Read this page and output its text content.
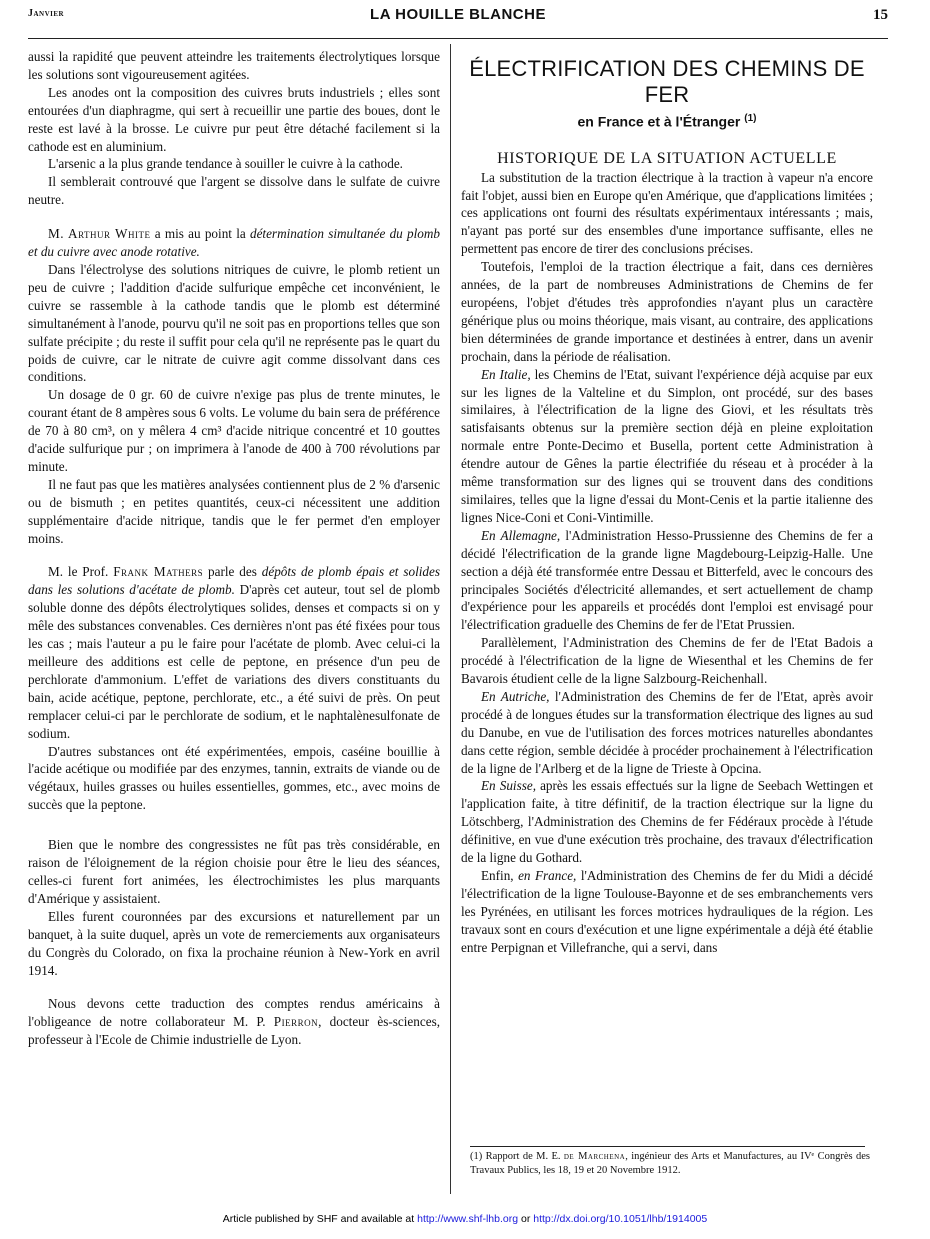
Janvier	LA HOUILLE BLANCHE	15

aussi la rapidité que peuvent atteindre les traitements électrolytiques lorsque les solutions sont vigoureusement agitées.

Les anodes ont la composition des cuivres bruts industriels ; elles sont entourées d'un diaphragme, qui sert à recueillir une partie des boues, dont le reste est lavé à la brosse. Le cuivre pur peut être détaché facilement si la cathode est en aluminium.

L'arsenic a la plus grande tendance à souiller le cuivre à la cathode.

Il semblerait controuvé que l'argent se dissolve dans le sulfate de cuivre neutre.

M. Arthur White a mis au point la détermination simultanée du plomb et du cuivre avec anode rotative.

Dans l'électrolyse des solutions nitriques de cuivre, le plomb retient un peu de cuivre ; l'addition d'acide sulfurique empêche cet inconvénient, le cuivre se rassemble à la cathode tandis que le plomb est déterminé simultanément à l'anode, pourvu qu'il ne soit pas en proportions telles que son sulfate précipite ; du reste il suffit pour cela qu'il ne représente pas le quart du poids de cuivre, car le nitrate de cuivre agit comme dissolvant dans ces conditions.

Un dosage de 0 gr. 60 de cuivre n'exige pas plus de trente minutes, le courant étant de 8 ampères sous 6 volts. Le volume du bain sera de préférence de 70 à 80 cm³, on y mêlera 4 cm³ d'acide nitrique concentré et 10 gouttes d'acide sulfurique pur ; on imprimera à l'anode de 400 à 700 révolutions par minute.

Il ne faut pas que les matières analysées contiennent plus de 2 % d'arsenic ou de bismuth ; en petites quantités, ceux-ci nécessitent une addition supplémentaire d'acide nitrique, tandis que le fer permet d'en employer moins.

M. le Prof. Frank Mathers parle des dépôts de plomb épais et solides dans les solutions d'acétate de plomb. D'après cet auteur, tout sel de plomb soluble donne des dépôts électrolytiques solides, denses et compacts si on y mêle des substances convenables. Ces dernières n'ont pas été fixées pour tous les cas ; mais l'auteur a pu le faire pour l'acétate de plomb. Avec celui-ci la meilleure des additions est celle de peptone, en présence d'un peu de perchlorate d'ammonium. L'effet de variations des divers constituants du bain, acide acétique, peptone, perchlorate, etc., a été suivi de près. On peut remplacer celui-ci par le perchlorate de sodium, et le naphtalènesulfonate de sodium.

D'autres substances ont été expérimentées, empois, caséine bouillie à l'acide acétique ou modifiée par des enzymes, tannin, extraits de viande ou de végétaux, huiles grasses ou huiles essentielles, gommes, etc., avec moins de succès que la peptone.

Bien que le nombre des congressistes ne fût pas très considérable, en raison de l'éloignement de la région choisie pour être le lieu des séances, celles-ci furent fort animées, les électrochimistes les plus marquants d'Amérique y assistaient.

Elles furent couronnées par des excursions et naturellement par un banquet, à la suite duquel, après un vote de remerciements aux organisateurs du Congrès du Colorado, on fixa la prochaine réunion à New-York en avril 1914.

Nous devons cette traduction des comptes rendus américains à l'obligeance de notre collaborateur M. P. Pierron, docteur ès-sciences, professeur à l'Ecole de Chimie industrielle de Lyon.

ÉLECTRIFICATION DES CHEMINS DE FER
en France et à l'Étranger $^{(1)}$
HISTORIQUE DE LA SITUATION ACTUELLE

La substitution de la traction électrique à la traction à vapeur n'a encore fait l'objet, aussi bien en Europe qu'en Amérique, que d'applications limitées ; ces applications ont fourni des résultats expérimentaux intéressants ; mais, n'ayant pas porté sur des ensembles d'une importance suffisante, elles ne permettent pas encore de tirer des conclusions précises.

Toutefois, l'emploi de la traction électrique a fait, dans ces dernières années, de la part de nombreuses Administrations de Chemins de fer européens, l'objet d'études très approfondies n'ayant plus un caractère générique plus ou moins théorique, mais visant, au contraire, des applications bien déterminées de grande importance et destinées à entrer, dans un avenir prochain, dans la période de réalisation.

En Italie, les Chemins de l'Etat, suivant l'expérience déjà acquise par eux sur les lignes de la Valteline et du Simplon, ont procédé, sur des bases similaires, à l'électrification de la ligne des Giovi, et les résultats très satisfaisants obtenus sur la première section déjà en pleine exploitation normale entre Ponte-Decimo et Busella, portent cette Administration à étendre autour de Gênes la partie électrifiée du réseau et à procéder à la même transformation sur des lignes qui se trouvent dans des conditions similaires, telles que la ligne d'essai du Mont-Cenis et la partie italienne des lignes Nice-Coni et Coni-Vintimille.

En Allemagne, l'Administration Hesso-Prussienne des Chemins de fer a décidé l'électrification de la grande ligne Magdebourg-Leipzig-Halle. Une section a déjà été transformée entre Dessau et Bitterfeld, avec le concours des principales Sociétés d'électricité allemandes, et sert actuellement de champ d'expérience pour les appareils et procédés dont l'emploi est envisagé pour l'électrification graduelle des Chemins de fer de l'Etat Prussien.

Parallèlement, l'Administration des Chemins de fer de l'Etat Badois a procédé à l'électrification de la ligne de Wiesenthal et les Chemins de fer Bavarois étudient celle de la ligne Salzbourg-Reichenhall.

En Autriche, l'Administration des Chemins de fer de l'Etat, après avoir procédé à de longues études sur la transformation électrique des lignes au sud du Danube, en vue de l'utilisation des forces motrices naturelles abondantes dans cette région, semble décidée à procéder prochainement à l'électrification de la ligne de l'Arlberg et de la ligne de Trieste à Opcina.

En Suisse, après les essais effectués sur la ligne de Seebach Wettingen et l'application faite, à titre définitif, de la traction électrique sur la ligne du Lötschberg, l'Administration des Chemins de fer Fédéraux procède à l'étude définitive, en vue d'une exécution très prochaine, des travaux d'électrification de la ligne du Gothard.

Enfin, en France, l'Administration des Chemins de fer du Midi a décidé l'électrification de la ligne Toulouse-Bayonne et de ses embranchements vers les Pyrénées, en utilisant les forces motrices hydrauliques de la région. Les travaux sont en cours d'exécution et une ligne expérimentale a déjà été établie entre Perpignan et Villefranche, qui a servi, dans

(1) Rapport de M. E. de Marchena, ingénieur des Arts et Manufactures, au IVᵉ Congrès des Travaux Publics, les 18, 19 et 20 Novembre 1912.
Article published by SHF and available at http://www.shf-lhb.org or http://dx.doi.org/10.1051/lhb/1914005
